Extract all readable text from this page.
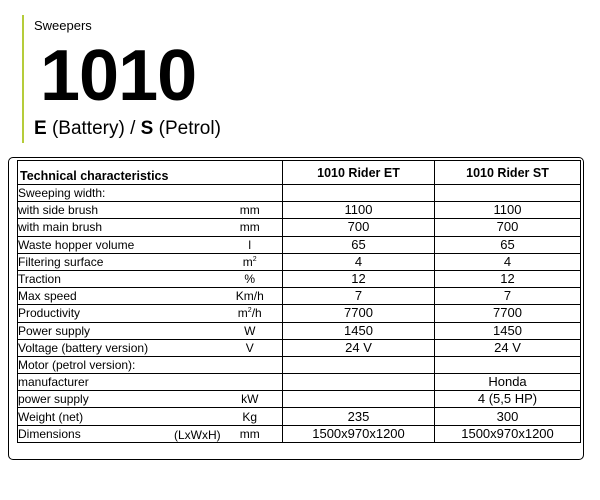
Sweepers
1010
E (Battery) / S (Petrol)
Technical characteristics		1010 Rider ET	1010 Rider ST
Sweeping width:			
with side brush	mm	1100	1100
with main brush	mm	700	700
Waste hopper volume	l	65	65
Filtering surface	$m^2$	4	4
Traction	%	12	12
Max speed	Km/h	7	7
Productivity	$m^2/h$	7700	7700
Power supply	W	1450	1450
Voltage (battery version)	V	24 V	24 V
Motor (petrol version):			
manufacturer			Honda
power supply	kW		4 (5,5 HP)
Weight (net)	Kg	235	300
Dimensions (LxWxH)	mm	1500x970x1200	1500x970x1200
